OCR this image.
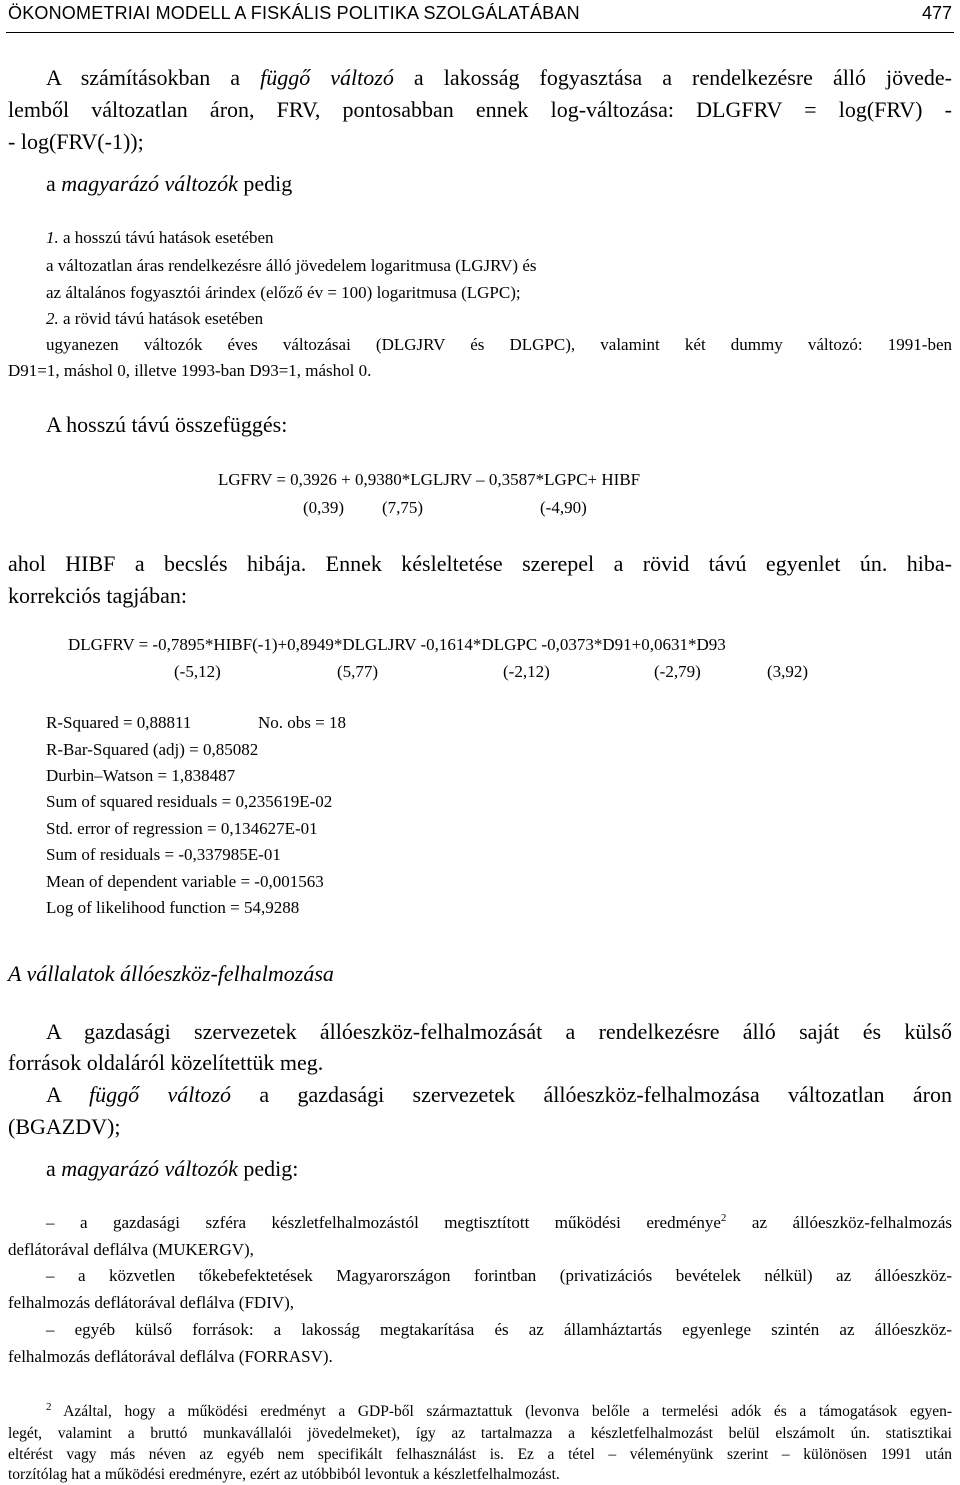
ÖKONOMETRIAI MODELL A FISKÁLIS POLITIKA SZOLGÁLATÁBAN	477
A számításokban a függő változó a lakosság fogyasztása a rendelkezésre álló jövede-
lemből változatlan áron, FRV, pontosabban ennek log-változása: DLGFRV = log(FRV) -
- log(FRV(-1));
a magyarázó változók pedig
1. a hosszú távú hatások esetében
a változatlan áras rendelkezésre álló jövedelem logaritmusa (LGJRV) és
az általános fogyasztói árindex (előző év = 100) logaritmusa (LGPC);
2. a rövid távú hatások esetében
ugyanezen változók éves változásai (DLGJRV és DLGPC), valamint két dummy változó: 1991-ben
D91=1, máshol 0, illetve 1993-ban D93=1, máshol 0.
A hosszú távú összefüggés:
LGFRV = 0,3926 + 0,9380*LGLJRV – 0,3587*LGPC+ HIBF
(0,39) (7,75)	(-4,90)
ahol HIBF a becslés hibája. Ennek késleltetése szerepel a rövid távú egyenlet ún. hiba-
korrekciós tagjában:
DLGFRV = -0,7895*HIBF(-1)+0,8949*DLGLJRV -0,1614*DLGPC -0,0373*D91+0,0631*D93
(-5,12)	(5,77)	(-2,12)	(-2,79)	(3,92)
R-Squared = 0,88811	No. obs = 18
R-Bar-Squared (adj) = 0,85082
Durbin–Watson = 1,838487
Sum of squared residuals = 0,235619E-02
Std. error of regression = 0,134627E-01
Sum of residuals = -0,337985E-01
Mean of dependent variable = -0,001563
Log of likelihood function = 54,9288
A vállalatok állóeszköz-felhalmozása
A gazdasági szervezetek állóeszköz-felhalmozását a rendelkezésre álló saját és külső
források oldaláról közelítettük meg.
A függő változó a gazdasági szervezetek állóeszköz-felhalmozása változatlan áron
(BGAZDV);
a magyarázó változók pedig:
– a gazdasági szféra készletfelhalmozástól megtisztított működési eredménye$^2$ az állóeszköz-felhalmozás
deflátorával deflálva (MUKERGV),
– a közvetlen tőkebefektetések Magyarországon forintban (privatizációs bevételek nélkül) az állóeszköz-
felhalmozás deflátorával deflálva (FDIV),
– egyéb külső források: a lakosság megtakarítása és az államháztartás egyenlege szintén az állóeszköz-
felhalmozás deflátorával deflálva (FORRASV).
$^2$ Azáltal, hogy a működési eredményt a GDP-ből származtattuk (levonva belőle a termelési adók és a támogatások egyen-
legét, valamint a bruttó munkavállalói jövedelmeket), így az tartalmazza a készletfelhalmozást belül elszámolt ún. statisztikai
eltérést vagy más néven az egyéb nem specifikált felhasználást is. Ez a tétel – véleményünk szerint – különösen 1991 után
torzítólag hat a működési eredményre, ezért az utóbbiból levontuk a készletfelhalmozást.
